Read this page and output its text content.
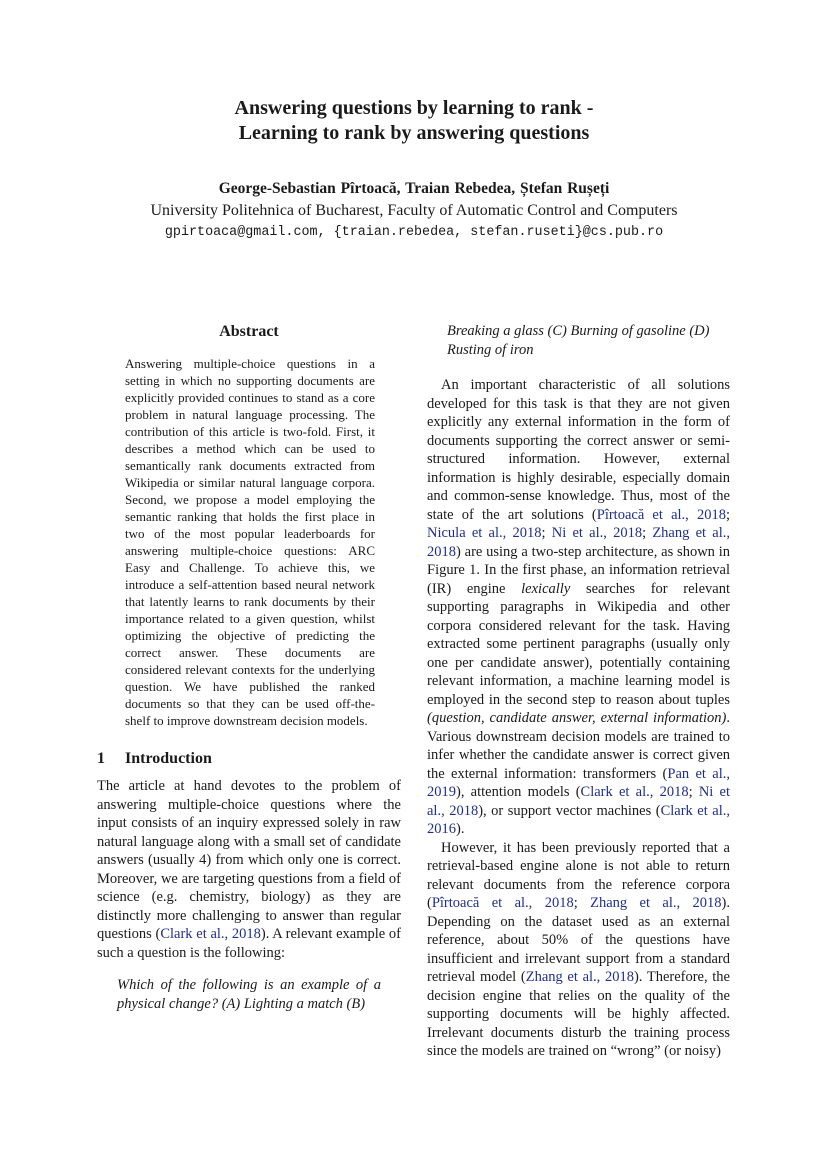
Answering questions by learning to rank -
Learning to rank by answering questions
George-Sebastian Pîrtoacă, Traian Rebedea, Ștefan Rușeți
University Politehnica of Bucharest, Faculty of Automatic Control and Computers
gpirtoaca@gmail.com, {traian.rebedea, stefan.ruseti}@cs.pub.ro
Abstract
Answering multiple-choice questions in a setting in which no supporting documents are explicitly provided continues to stand as a core problem in natural language processing. The contribution of this article is two-fold. First, it describes a method which can be used to semantically rank documents extracted from Wikipedia or similar natural language corpora. Second, we propose a model employing the semantic ranking that holds the first place in two of the most popular leaderboards for answering multiple-choice questions: ARC Easy and Challenge. To achieve this, we introduce a self-attention based neural network that latently learns to rank documents by their importance related to a given question, whilst optimizing the objective of predicting the correct answer. These documents are considered relevant contexts for the underlying question. We have published the ranked documents so that they can be used off-the-shelf to improve downstream decision models.
1 Introduction

The article at hand devotes to the problem of answering multiple-choice questions where the input consists of an inquiry expressed solely in raw natural language along with a small set of candidate answers (usually 4) from which only one is correct. Moreover, we are targeting questions from a field of science (e.g. chemistry, biology) as they are distinctly more challenging to answer than regular questions (Clark et al., 2018). A relevant example of such a question is the following:

Which of the following is an example of a physical change? (A) Lighting a match (B)
Breaking a glass (C) Burning of gasoline (D) Rusting of iron

An important characteristic of all solutions developed for this task is that they are not given explicitly any external information in the form of documents supporting the correct answer or semi-structured information. However, external information is highly desirable, especially domain and common-sense knowledge. Thus, most of the state of the art solutions (Pîrtoacă et al., 2018; Nicula et al., 2018; Ni et al., 2018; Zhang et al., 2018) are using a two-step architecture, as shown in Figure 1. In the first phase, an information retrieval (IR) engine lexically searches for relevant supporting paragraphs in Wikipedia and other corpora considered relevant for the task. Having extracted some pertinent paragraphs (usually only one per candidate answer), potentially containing relevant information, a machine learning model is employed in the second step to reason about tuples (question, candidate answer, external information). Various downstream decision models are trained to infer whether the candidate answer is correct given the external information: transformers (Pan et al., 2019), attention models (Clark et al., 2018; Ni et al., 2018), or support vector machines (Clark et al., 2016).

However, it has been previously reported that a retrieval-based engine alone is not able to return relevant documents from the reference corpora (Pîrtoacă et al., 2018; Zhang et al., 2018). Depending on the dataset used as an external reference, about 50% of the questions have insufficient and irrelevant support from a standard retrieval model (Zhang et al., 2018). Therefore, the decision engine that relies on the quality of the supporting documents will be highly affected. Irrelevant documents disturb the training process since the models are trained on “wrong” (or noisy)
